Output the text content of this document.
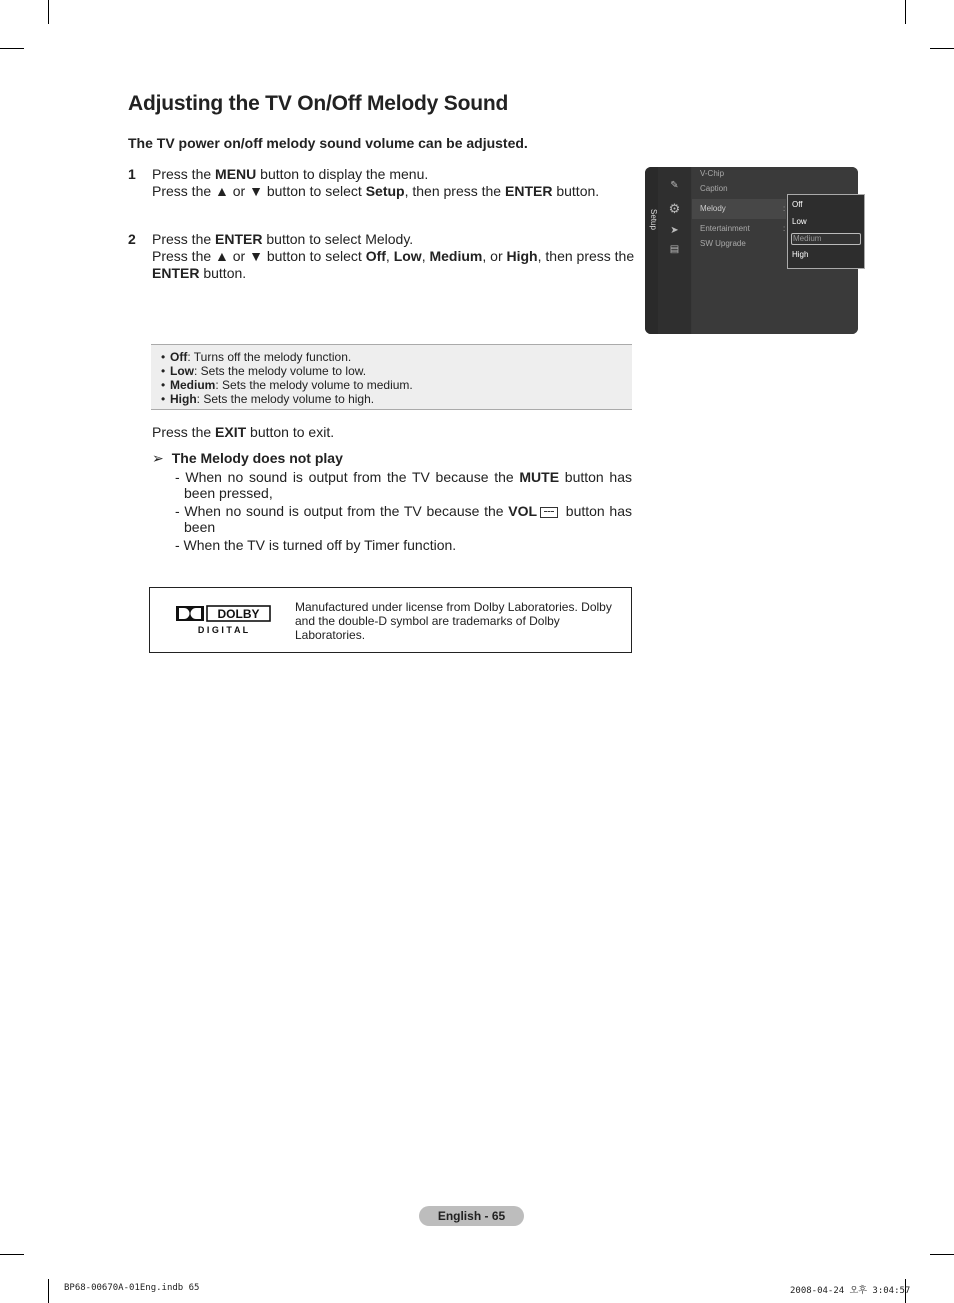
Adjusting the TV On/Off Melody Sound

The TV power on/off melody sound volume can be adjusted.

1 Press the MENU button to display the menu.
Press the ▲ or ▼ button to select Setup, then press the ENTER button.
2 Press the ENTER button to select Melody.
Press the ▲ or ▼ button to select Off, Low, Medium, or High, then press the
ENTER button.
Setup
✎
⚙
➤
▤
V-Chip
Caption
Melody
Entertainment
SW Upgrade
:
:
Off
Low
Medium
High
• Off: Turns off the melody function.
• Low: Sets the melody volume to low.
• Medium: Sets the melody volume to medium.
• High: Sets the melody volume to high.
Press the EXIT button to exit.
➢ The Melody does not play
- When no sound is output from the TV because the MUTE button has been pressed,
- When no sound is output from the TV because the VOL button has been
- When the TV is turned off by Timer function.
DOLBY
D I G I T A L
Manufactured under license from Dolby Laboratories. Dolby and the double-D symbol are trademarks of Dolby Laboratories.
English - 65
BP68-00670A-01Eng.indb 65	2008-04-24 오후 3:04:57
